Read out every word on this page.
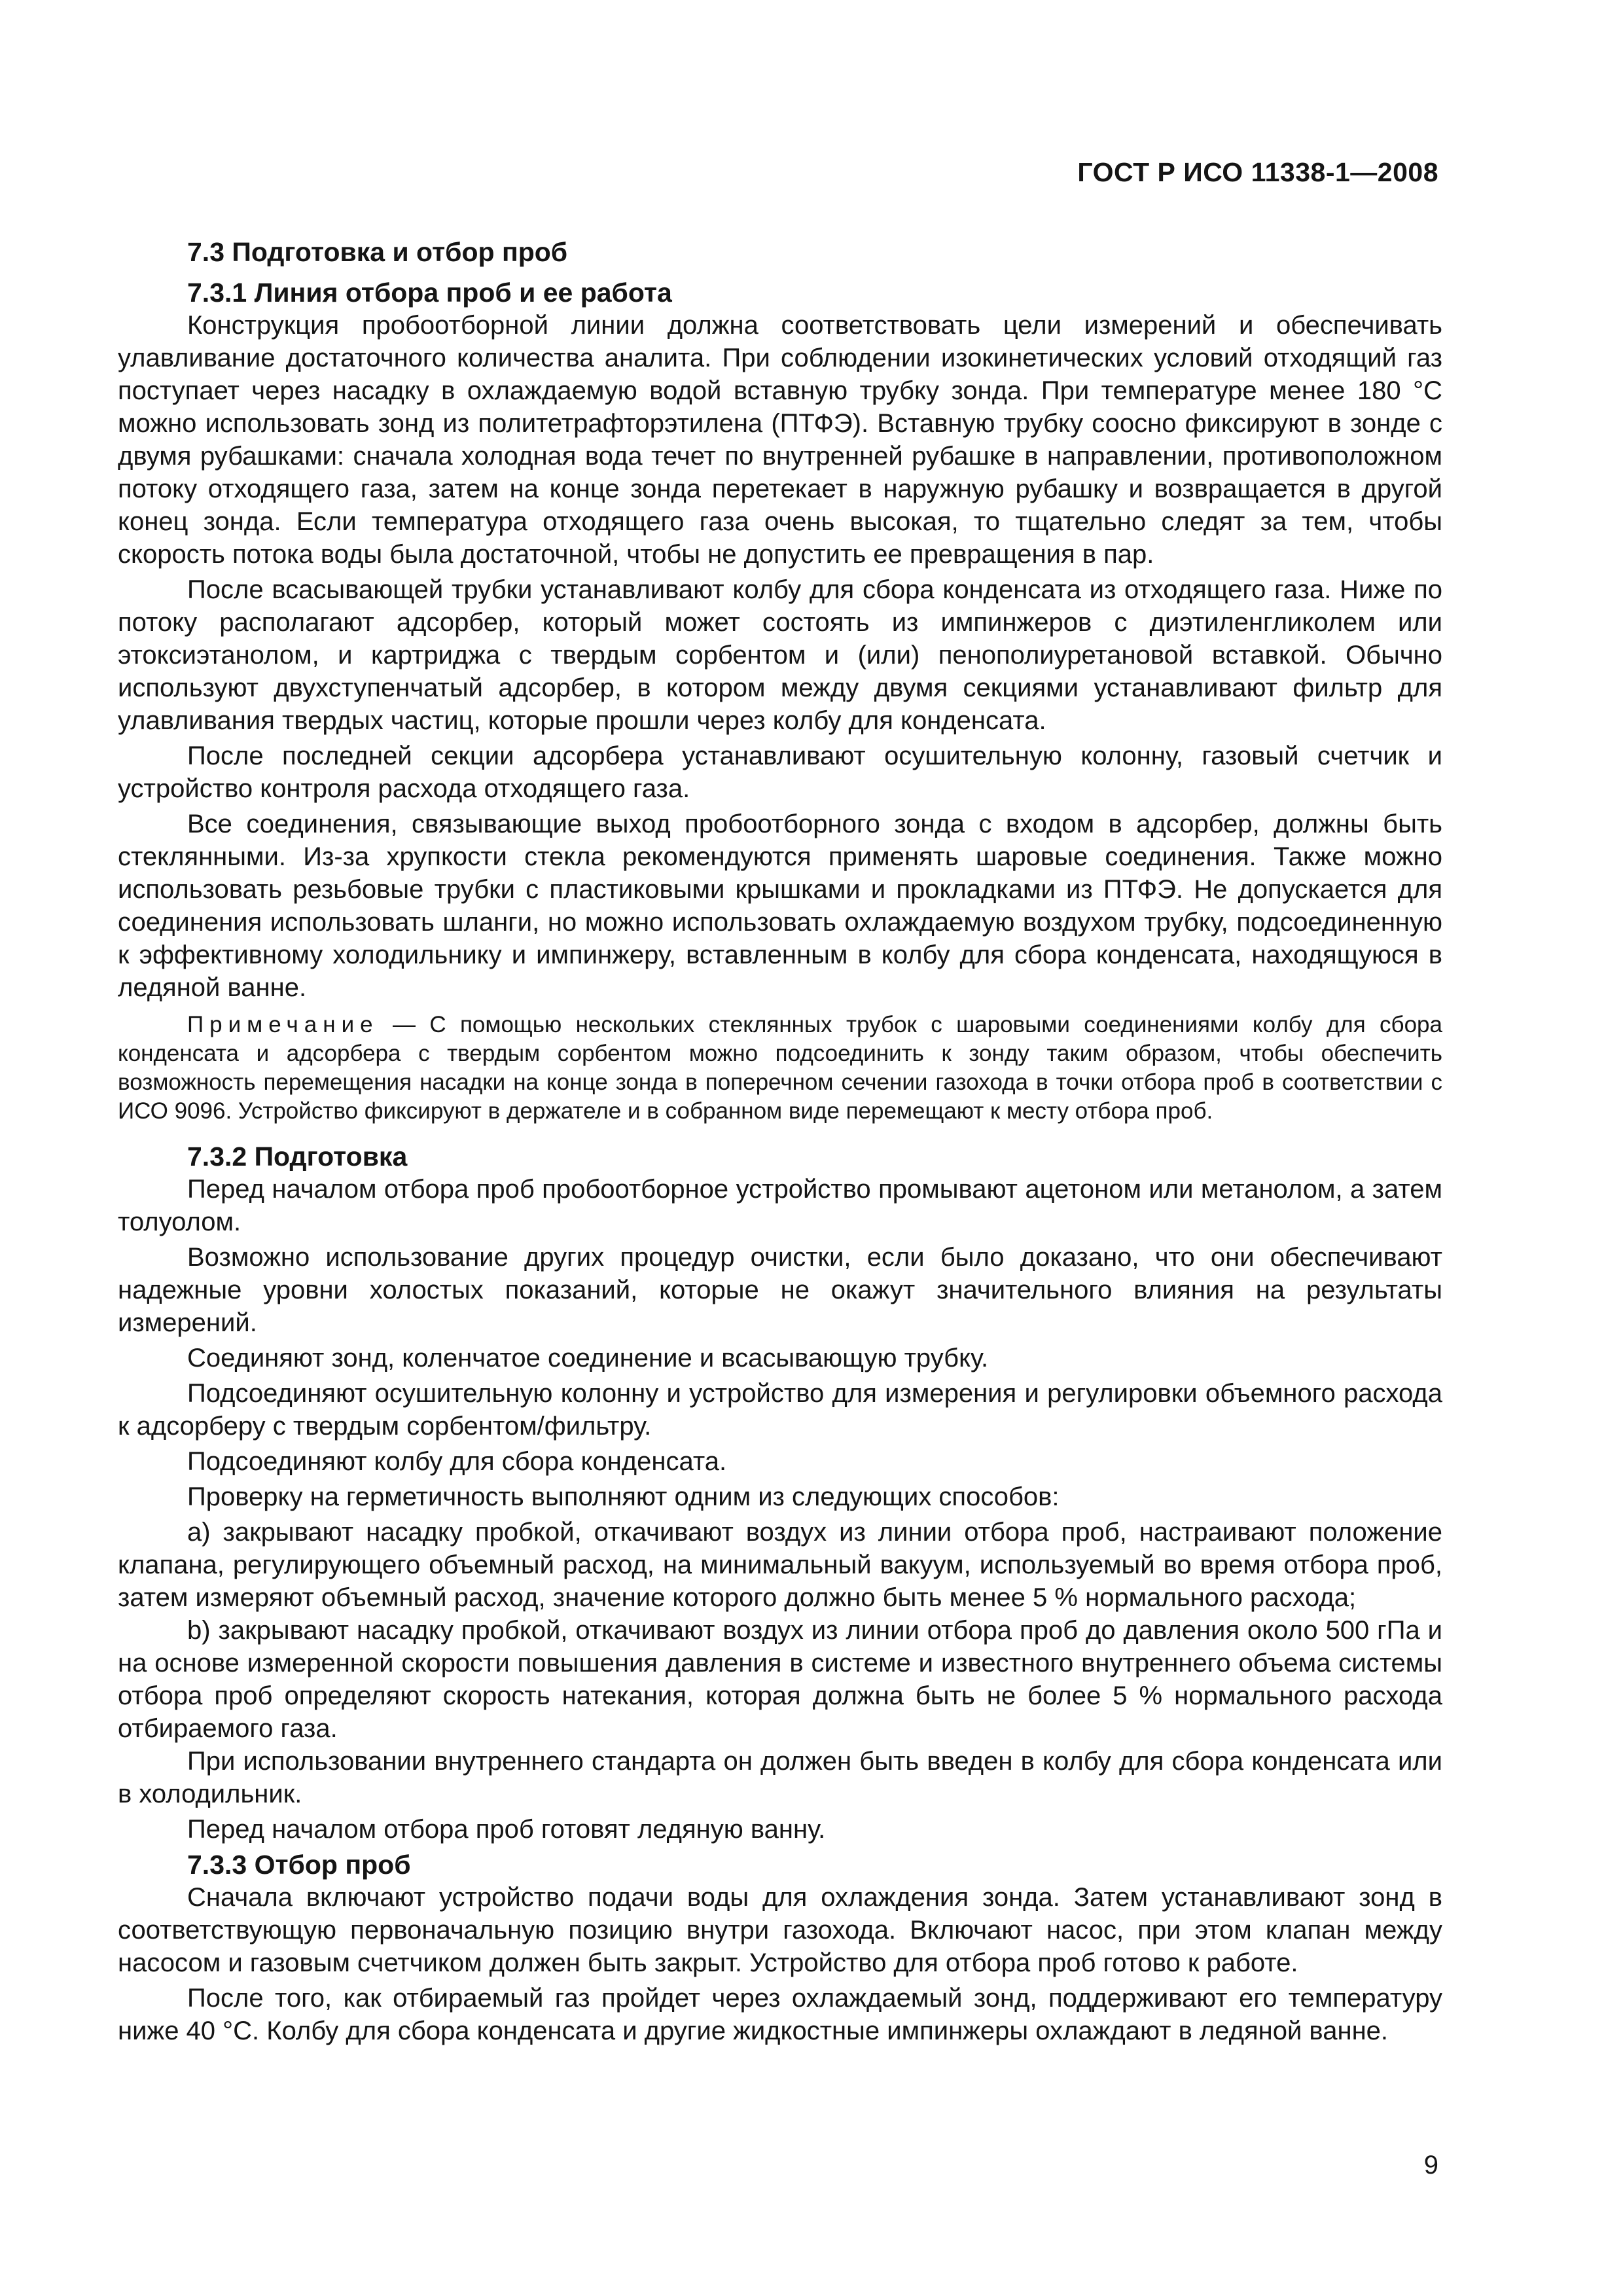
ГОСТ Р ИСО 11338-1—2008
7.3 Подготовка и отбор проб
7.3.1 Линия отбора проб и ее работа

Конструкция пробоотборной линии должна соответствовать цели измерений и обеспечивать улавливание достаточного количества аналита. При соблюдении изокинетических условий отходящий газ поступает через насадку в охлаждаемую водой вставную трубку зонда. При температуре менее 180 °С можно использовать зонд из политетрафторэтилена (ПТФЭ). Вставную трубку соосно фиксируют в зонде с двумя рубашками: сначала холодная вода течет по внутренней рубашке в направлении, противоположном потоку отходящего газа, затем на конце зонда перетекает в наружную рубашку и возвращается в другой конец зонда. Если температура отходящего газа очень высокая, то тщательно следят за тем, чтобы скорость потока воды была достаточной, чтобы не допустить ее превращения в пар.

После всасывающей трубки устанавливают колбу для сбора конденсата из отходящего газа. Ниже по потоку располагают адсорбер, который может состоять из импинжеров с диэтиленгликолем или этоксиэтанолом, и картриджа с твердым сорбентом и (или) пенополиуретановой вставкой. Обычно используют двухступенчатый адсорбер, в котором между двумя секциями устанавливают фильтр для улавливания твердых частиц, которые прошли через колбу для конденсата.

После последней секции адсорбера устанавливают осушительную колонну, газовый счетчик и устройство контроля расхода отходящего газа.

Все соединения, связывающие выход пробоотборного зонда с входом в адсорбер, должны быть стеклянными. Из-за хрупкости стекла рекомендуются применять шаровые соединения. Также можно использовать резьбовые трубки с пластиковыми крышками и прокладками из ПТФЭ. Не допускается для соединения использовать шланги, но можно использовать охлаждаемую воздухом трубку, подсоединенную к эффективному холодильнику и импинжеру, вставленным в колбу для сбора конденсата, находящуюся в ледяной ванне.

Примечание — С помощью нескольких стеклянных трубок с шаровыми соединениями колбу для сбора конденсата и адсорбера с твердым сорбентом можно подсоединить к зонду таким образом, чтобы обеспечить возможность перемещения насадки на конце зонда в поперечном сечении газохода в точки отбора проб в соответствии с ИСО 9096. Устройство фиксируют в держателе и в собранном виде перемещают к месту отбора проб.

7.3.2 Подготовка

Перед началом отбора проб пробоотборное устройство промывают ацетоном или метанолом, а затем толуолом.

Возможно использование других процедур очистки, если было доказано, что они обеспечивают надежные уровни холостых показаний, которые не окажут значительного влияния на результаты измерений.

Соединяют зонд, коленчатое соединение и всасывающую трубку.

Подсоединяют осушительную колонну и устройство для измерения и регулировки объемного расхода к адсорберу с твердым сорбентом/фильтру.

Подсоединяют колбу для сбора конденсата.

Проверку на герметичность выполняют одним из следующих способов:

a) закрывают насадку пробкой, откачивают воздух из линии отбора проб, настраивают положение клапана, регулирующего объемный расход, на минимальный вакуум, используемый во время отбора проб, затем измеряют объемный расход, значение которого должно быть менее 5 % нормального расхода;

b) закрывают насадку пробкой, откачивают воздух из линии отбора проб до давления около 500 гПа и на основе измеренной скорости повышения давления в системе и известного внутреннего объема системы отбора проб определяют скорость натекания, которая должна быть не более 5 % нормального расхода отбираемого газа.

При использовании внутреннего стандарта он должен быть введен в колбу для сбора конденсата или в холодильник.

Перед началом отбора проб готовят ледяную ванну.

7.3.3 Отбор проб

Сначала включают устройство подачи воды для охлаждения зонда. Затем устанавливают зонд в соответствующую первоначальную позицию внутри газохода. Включают насос, при этом клапан между насосом и газовым счетчиком должен быть закрыт. Устройство для отбора проб готово к работе.

После того, как отбираемый газ пройдет через охлаждаемый зонд, поддерживают его температуру ниже 40 °С. Колбу для сбора конденсата и другие жидкостные импинжеры охлаждают в ледяной ванне.

9
